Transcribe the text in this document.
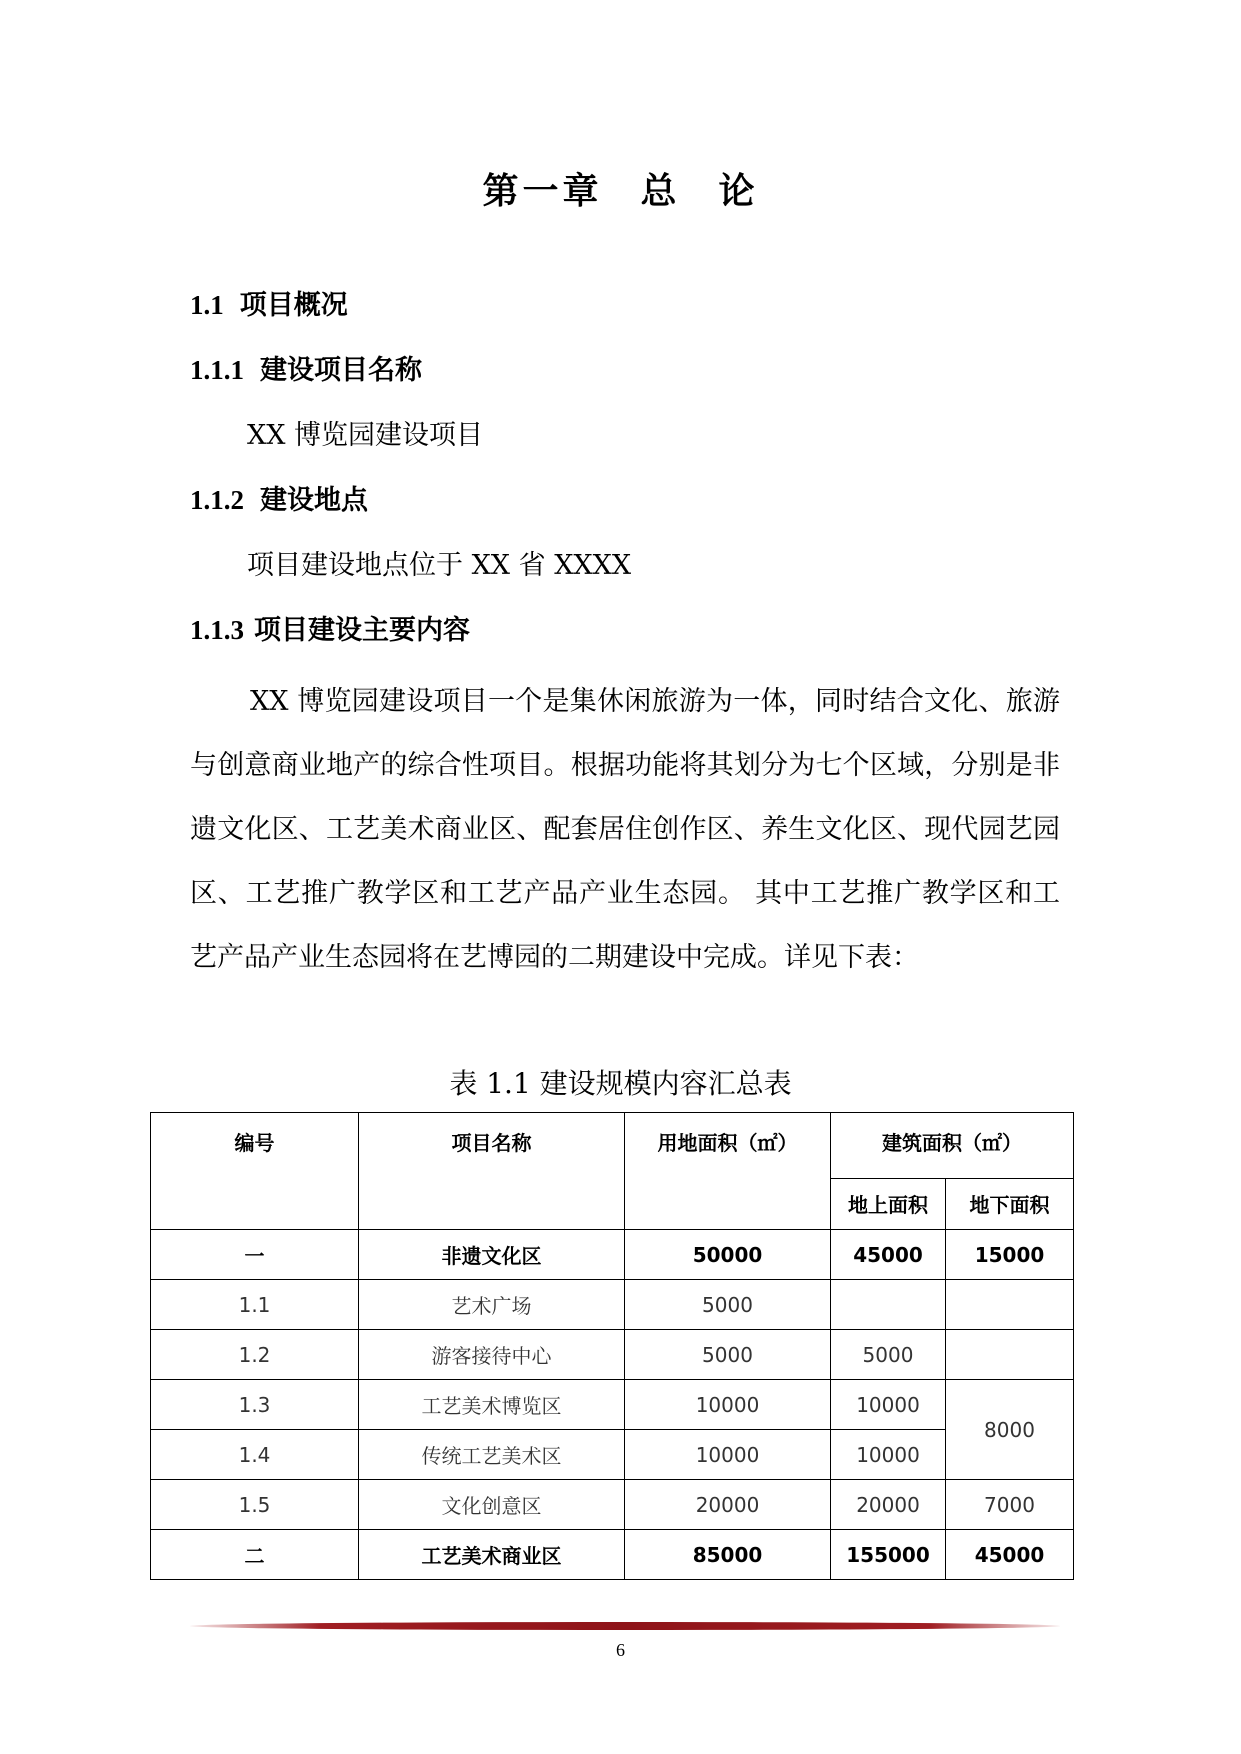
第一章 总 论
1.1 项目概况
1.1.1 建设项目名称
XX 博览园建设项目
1.1.2 建设地点
项目建设地点位于 XX 省 XXXX
1.1.3 项目建设主要内容

XX 博览园建设项目一个是集休闲旅游为一体，同时结合文化、旅游与创意商业地产的综合性项目。根据功能将其划分为七个区域，分别是非遗文化区、工艺美术商业区、配套居住创作区、养生文化区、现代园艺园区、工艺推广教学区和工艺产品产业生态园。 其中工艺推广教学区和工艺产品产业生态园将在艺博园的二期建设中完成。详见下表：

表 1.1 建设规模内容汇总表
编号	项目名称	用地面积（㎡）	建筑面积（㎡）	
			地上面积	地下面积
一	非遗文化区	50000	45000	15000
1.1	艺术广场	5000		
1.2	游客接待中心	5000	5000	
1.3	工艺美术博览区	10000	10000	8000
1.4	传统工艺美术区	10000	10000	
1.5	文化创意区	20000	20000	7000
二	工艺美术商业区	85000	155000	45000
6
